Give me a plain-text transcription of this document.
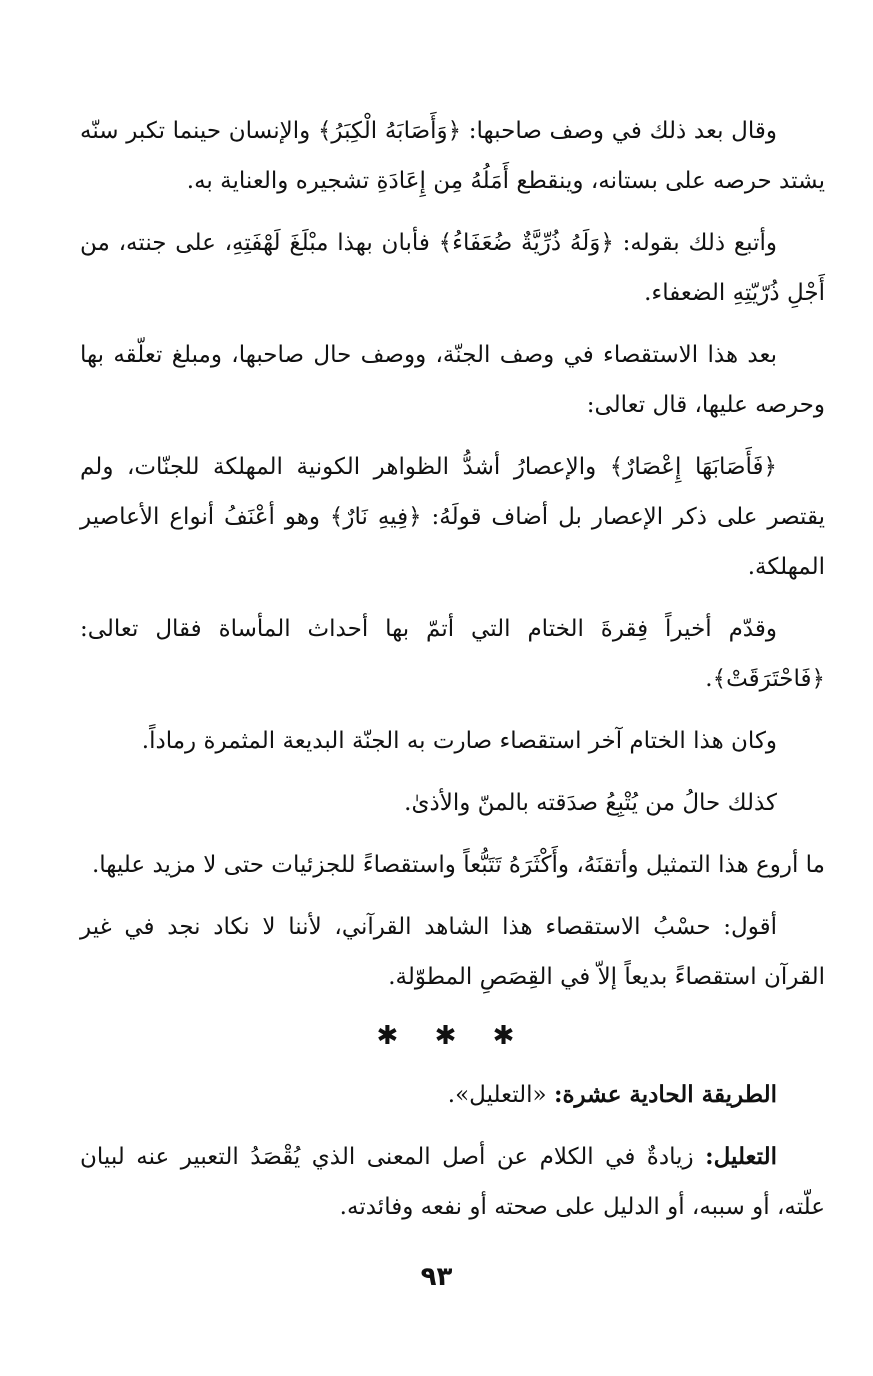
وقال بعد ذلك في وصف صاحبها: ﴿وَأَصَابَهُ الْكِبَرُ﴾ والإنسان حينما تكبر سنّه يشتد حرصه على بستانه، وينقطع أَمَلُهُ مِن إِعَادَةِ تشجيره والعناية به.

وأتبع ذلك بقوله: ﴿وَلَهُ ذُرِّيَّةٌ ضُعَفَاءُ﴾ فأبان بهذا مبْلَغَ لَهْفَتِهِ، على جنته، من أَجْلِ ذُرّيّتِهِ الضعفاء.

بعد هذا الاستقصاء في وصف الجنّة، ووصف حال صاحبها، ومبلغ تعلّقه بها وحرصه عليها، قال تعالى:

﴿فَأَصَابَهَا إِعْصَارٌ﴾ والإعصارُ أشدُّ الظواهر الكونية المهلكة للجنّات، ولم يقتصر على ذكر الإعصار بل أضاف قولَهُ: ﴿فِيهِ نَارٌ﴾ وهو أعْنَفُ أنواع الأعاصير المهلكة.

وقدّم أخيراً فِقرةَ الختام التي أتمّ بها أحداث المأساة فقال تعالى: ﴿فَاحْتَرَقَتْ﴾.

وكان هذا الختام آخر استقصاء صارت به الجنّة البديعة المثمرة رماداً.

كذلك حالُ من يُتْبِعُ صدَقته بالمنّ والأذىٰ.

ما أروع هذا التمثيل وأتقنَهُ، وأَكْثَرَهُ تَتَبُّعاً واستقصاءً للجزئيات حتى لا مزيد عليها.

أقول: حسْبُ الاستقصاء هذا الشاهد القرآني، لأننا لا نكاد نجد في غير القرآن استقصاءً بديعاً إلاّ في القِصَصِ المطوّلة.

✱ ✱ ✱

الطريقة الحادية عشرة: «التعليل».

التعليل: زيادةٌ في الكلام عن أصل المعنى الذي يُقْصَدُ التعبير عنه لبيان علّته، أو سببه، أو الدليل على صحته أو نفعه وفائدته.

٩٣
